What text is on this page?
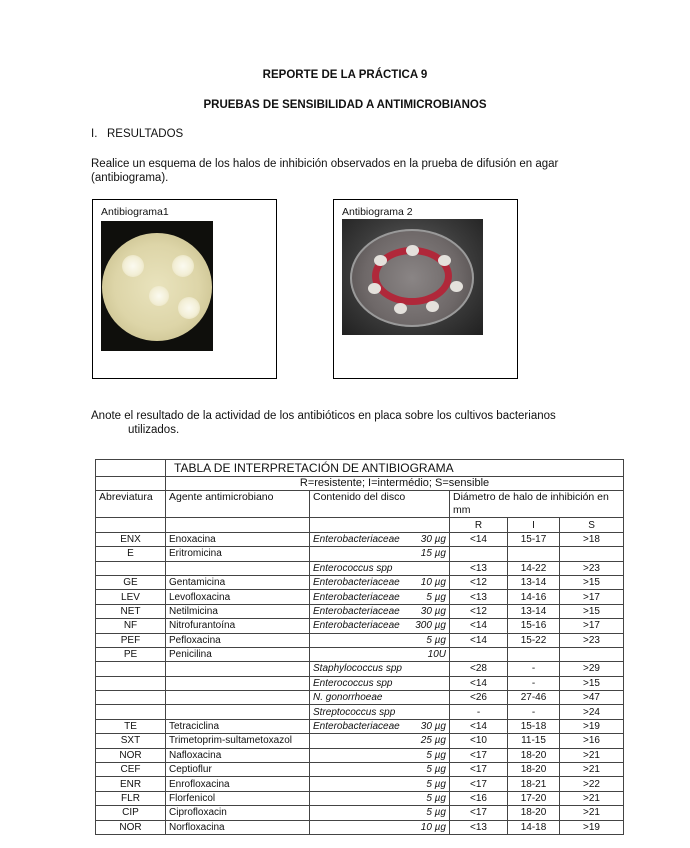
REPORTE DE LA PRÁCTICA 9
PRUEBAS DE SENSIBILIDAD A ANTIMICROBIANOS
I.   RESULTADOS
Realice un esquema de los halos de inhibición observados en la prueba de difusión en agar (antibiograma).
Antibiograma1	Antibiograma 2
Anote el resultado de la actividad de los antibióticos en placa sobre los cultivos bacterianos
utilizados.
	TABLA DE INTERPRETACIÓN DE ANTIBIOGRAMA				
	R=resistente; I=intermédio; S=sensible				
Abreviatura	Agente antimicrobiano	Contenido del disco	Diámetro de halo de inhibición en mm		
			R	I	S
ENX	Enoxacina	Enterobacteriaceae 30 µg	<14	15-17	>18
E	Eritromicina	15 µg			

		Enterococcus spp	<13	14-22	>23
GE	Gentamicina	Enterobacteriaceae 10 µg	<12	13-14	>15
LEV	Levofloxacina	Enterobacteriaceae 5 µg	<13	14-16	>17
NET	Netilmicina	Enterobacteriaceae 30 µg	<12	13-14	>15
NF	Nitrofurantoína	Enterobacteriaceae 300 µg	<14	15-16	>17
PEF	Pefloxacina	5 µg	<14	15-22	>23
PE	Penicilina	10U			

		Staphylococcus spp	<28	-	>29
		Enterococcus spp	<14	-	>15
		N. gonorrhoeae	<26	27-46	>47
		Streptococcus spp	-	-	>24
TE	Tetraciclina	Enterobacteriaceae 30 µg	<14	15-18	>19
SXT	Trimetoprim-sultametoxazol	25 µg	<10	11-15	>16
NOR	Nafloxacina	5 µg	<17	18-20	>21
CEF	Ceptioflur	5 µg	<17	18-20	>21
ENR	Enrofloxacina	5 µg	<17	18-21	>22
FLR	Florfenicol	5 µg	<16	17-20	>21
CIP	Ciprofloxacin	5 µg	<17	18-20	>21
NOR	Norfloxacina	10 µg	<13	14-18	>19
